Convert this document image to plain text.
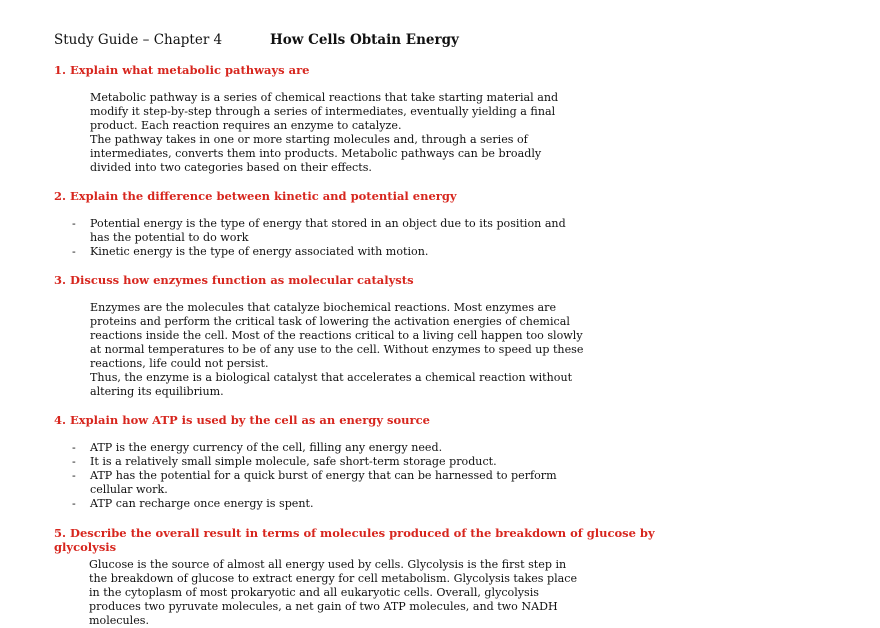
Study Guide – Chapter 4	How Cells Obtain Energy
1. Explain what metabolic pathways are
Metabolic pathway is a series of chemical reactions that take starting material and modify it step-by-step through a series of intermediates, eventually yielding a final product. Each reaction requires an enzyme to catalyze.
The pathway takes in one or more starting molecules and, through a series of intermediates, converts them into products. Metabolic pathways can be broadly divided into two categories based on their effects.
2. Explain the difference between kinetic and potential energy
- Potential energy is the type of energy that stored in an object due to its position and has the potential to do work
- Kinetic energy is the type of energy associated with motion.
3. Discuss how enzymes function as molecular catalysts
Enzymes are the molecules that catalyze biochemical reactions. Most enzymes are proteins and perform the critical task of lowering the activation energies of chemical reactions inside the cell. Most of the reactions critical to a living cell happen too slowly at normal temperatures to be of any use to the cell. Without enzymes to speed up these reactions, life could not persist.
Thus, the enzyme is a biological catalyst that accelerates a chemical reaction without altering its equilibrium.
4. Explain how ATP is used by the cell as an energy source
- ATP is the energy currency of the cell, filling any energy need.
- It is a relatively small simple molecule, safe short-term storage product.
- ATP has the potential for a quick burst of energy that can be harnessed to perform cellular work.
- ATP can recharge once energy is spent.
5. Describe the overall result in terms of molecules produced of the breakdown of glucose by
glycolysis
Glucose is the source of almost all energy used by cells. Glycolysis is the first step in the breakdown of glucose to extract energy for cell metabolism. Glycolysis takes place in the cytoplasm of most prokaryotic and all eukaryotic cells. Overall, glycolysis produces two pyruvate molecules, a net gain of two ATP molecules, and two NADH molecules.
